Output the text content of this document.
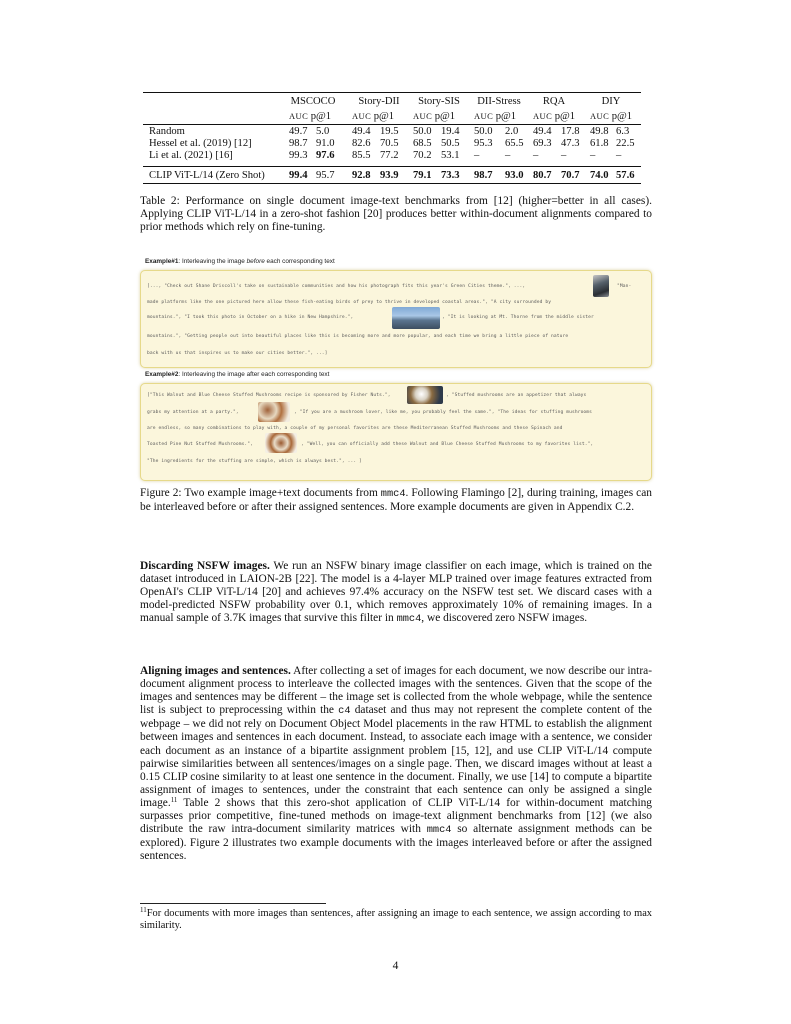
MSCOCO	Story-DII	Story-SIS	DII-Stress	RQA	DIY
AUC p@1 AUC p@1 AUC p@1 AUC p@1 AUC p@1 AUC p@1
Random	49.7 5.0 49.4 19.5 50.0 19.4 50.0 2.0 49.4 17.8 49.8 6.3
Hessel et al. (2019) [12]	98.7 91.0 82.6 70.5 68.5 50.5 95.3 65.5 69.3 47.3 61.8 22.5
Li et al. (2021) [16]	99.3 97.6 85.5 77.2 70.2 53.1 – – – – – –
CLIP ViT-L/14 (Zero Shot) 99.4 95.7 92.8 93.9 79.1 73.3 98.7 93.0 80.7 70.7 74.0 57.6
Table 2: Performance on single document image-text benchmarks from [12] (higher=better in all cases). Applying CLIP ViT-L/14 in a zero-shot fashion [20] produces better within-document alignments compared to prior methods which rely on fine-tuning.
Example#1: Interleaving the image before each corresponding text
[..., "Check out Shane Driscoll's take on sustainable communities and how his photograph fits this year's Green Cities theme.", ...,	"Man-
made platforms like the one pictured here allow these fish-eating birds of prey to thrive in developed coastal areas.", "A city surrounded by
mountains.", "I took this photo in October on a hike in New Hampshire.",	, "It is looking at Mt. Thorne from the middle sister
mountains.", "Getting people out into beautiful places like this is becoming more and more popular, and each time we bring a little piece of nature
back with us that inspires us to make our cities better.", ...]
Example#2: Interleaving the image after each corresponding text
["This Walnut and Blue Cheese Stuffed Mushrooms recipe is sponsored by Fisher Nuts.",	, "Stuffed mushrooms are an appetizer that always
grabs my attention at a party.",	, "If you are a mushroom lover, like me, you probably feel the same.", "The ideas for stuffing mushrooms
are endless, so many combinations to play with, a couple of my personal favorites are these Mediterranean Stuffed Mushrooms and these Spinach and
Toasted Pine Nut Stuffed Mushrooms.",	, "Well, you can officially add these Walnut and Blue Cheese Stuffed Mushrooms to my favorites list.",
"The ingredients for the stuffing are simple, which is always best.", ... ]
Figure 2: Two example image+text documents from mmc4. Following Flamingo [2], during training, images can be interleaved before or after their assigned sentences. More example documents are given in Appendix C.2.
Discarding NSFW images. We run an NSFW binary image classifier on each image, which is trained on the dataset introduced in LAION-2B [22]. The model is a 4-layer MLP trained over image features extracted from OpenAI's CLIP ViT-L/14 [20] and achieves 97.4% accuracy on the NSFW test set. We discard cases with a model-predicted NSFW probability over 0.1, which removes approximately 10% of remaining images. In a manual sample of 3.7K images that survive this filter in mmc4, we discovered zero NSFW images.
Aligning images and sentences. After collecting a set of images for each document, we now describe our intra-document alignment process to interleave the collected images with the sentences. Given that the scope of the images and sentences may be different – the image set is collected from the whole webpage, while the sentence list is subject to preprocessing within the c4 dataset and thus may not represent the complete content of the webpage – we did not rely on Document Object Model placements in the raw HTML to establish the alignment between images and sentences in each document. Instead, to associate each image with a sentence, we consider each document as an instance of a bipartite assignment problem [15, 12], and use CLIP ViT-L/14 compute pairwise similarities between all sentences/images on a single page. Then, we discard images without at least a 0.15 CLIP cosine similarity to at least one sentence in the document. Finally, we use [14] to compute a bipartite assignment of images to sentences, under the constraint that each sentence can only be assigned a single image.$^{11}$ Table 2 shows that this zero-shot application of CLIP ViT-L/14 for within-document matching surpasses prior competitive, fine-tuned methods on image-text alignment benchmarks from [12] (we also distribute the raw intra-document similarity matrices with mmc4 so alternate assignment methods can be explored). Figure 2 illustrates two example documents with the images interleaved before or after the assigned sentences.
$^{11}$For documents with more images than sentences, after assigning an image to each sentence, we assign according to max similarity.
4
